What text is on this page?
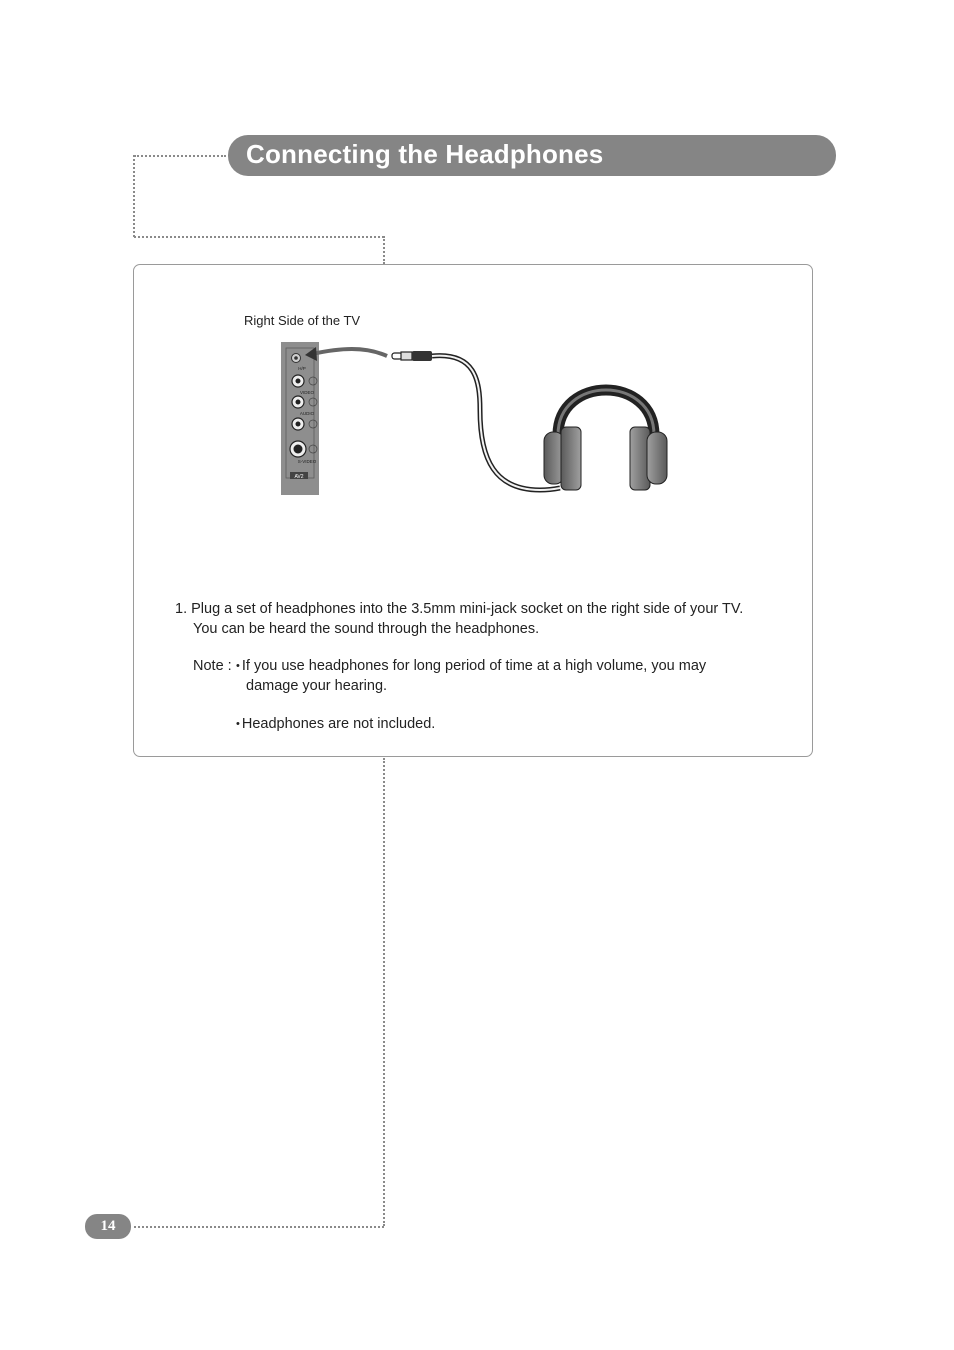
Connecting the Headphones
Right Side of the TV
H/P
VIDEO
AUDIO
S-VIDEO
AV2
1. Plug a set of headphones into the 3.5mm mini-jack socket on the right side of your TV.
You can be heard the sound through the headphones.
Note : • If you use headphones for long period of time at a high volume, you may
damage your hearing.
• Headphones are not included.
14
